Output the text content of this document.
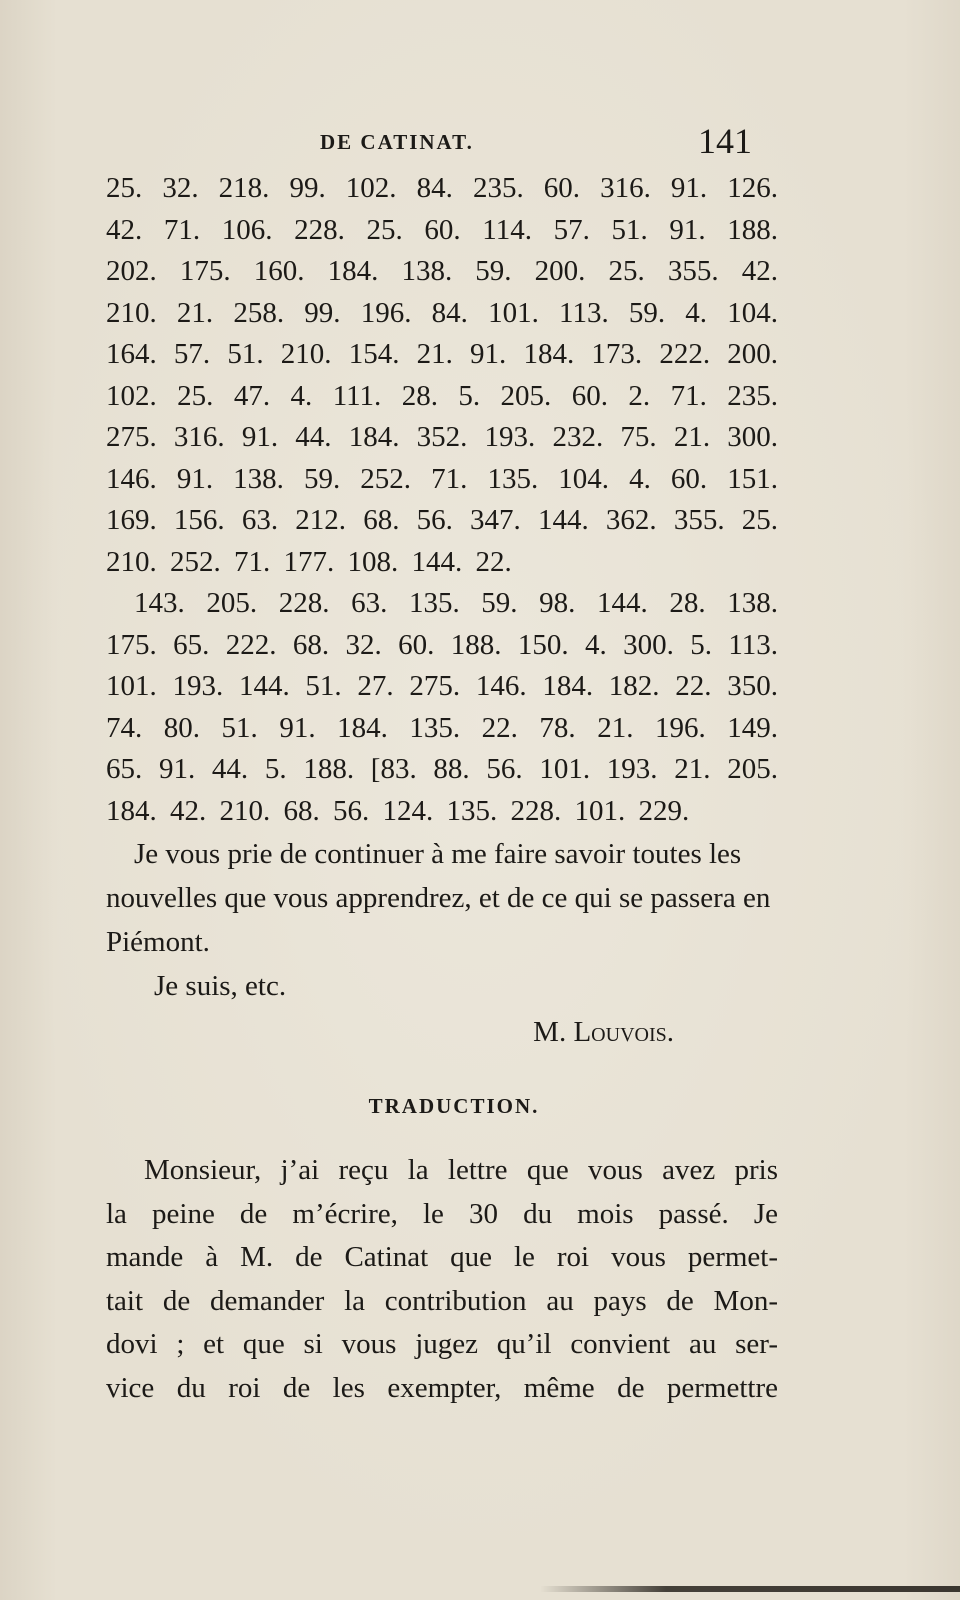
DE CATINAT.	141
25. 32. 218. 99. 102. 84. 235. 60. 316. 91. 126.
42. 71. 106. 228. 25. 60. 114. 57. 51. 91. 188.
202. 175. 160. 184. 138. 59. 200. 25. 355. 42.
210. 21. 258. 99. 196. 84. 101. 113. 59. 4. 104.
164. 57. 51. 210. 154. 21. 91. 184. 173. 222. 200.
102. 25. 47. 4. 111. 28. 5. 205. 60. 2. 71. 235.
275. 316. 91. 44. 184. 352. 193. 232. 75. 21. 300.
146. 91. 138. 59. 252. 71. 135. 104. 4. 60. 151.
169. 156. 63. 212. 68. 56. 347. 144. 362. 355. 25.
210. 252. 71. 177. 108. 144. 22.
143. 205. 228. 63. 135. 59. 98. 144. 28. 138.
175. 65. 222. 68. 32. 60. 188. 150. 4. 300. 5. 113.
101. 193. 144. 51. 27. 275. 146. 184. 182. 22. 350.
74. 80. 51. 91. 184. 135. 22. 78. 21. 196. 149.
65. 91. 44. 5. 188. [83. 88. 56. 101. 193. 21. 205.
184. 42. 210. 68. 56. 124. 135. 228. 101. 229.

Je vous prie de continuer à me faire savoir toutes les nouvelles que vous apprendrez, et de ce qui se passera en Piémont.

Je suis, etc.

M. Louvois.

TRADUCTION.
Monsieur, j’ai reçu la lettre que vous avez pris
la peine de m’écrire, le 30 du mois passé. Je
mande à M. de Catinat que le roi vous permet-
tait de demander la contribution au pays de Mon-
dovi ; et que si vous jugez qu’il convient au ser-
vice du roi de les exempter, même de permettre
